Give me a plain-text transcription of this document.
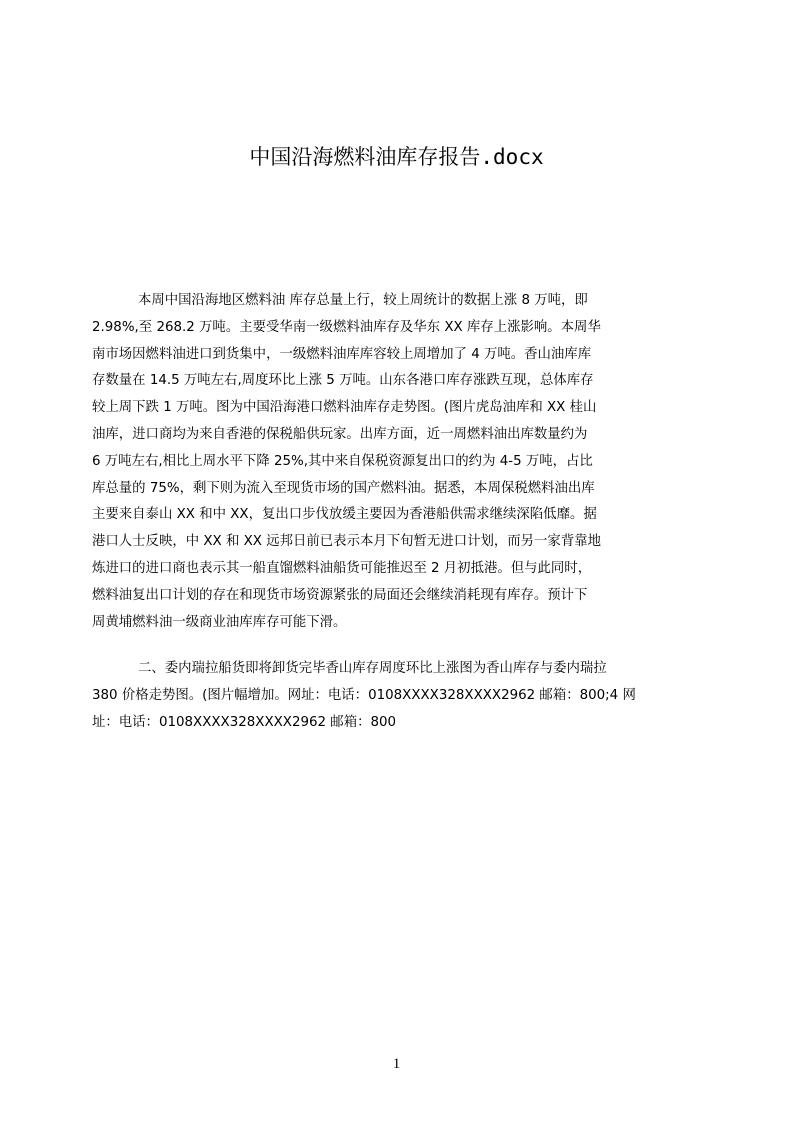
中国沿海燃料油库存报告.docx
本周中国沿海地区燃料油 库存总量上行，较上周统计的数据上涨 8 万吨，即
2.98%,至 268.2 万吨。主要受华南一级燃料油库存及华东 XX 库存上涨影响。本周华
南市场因燃料油进口到货集中，一级燃料油库库容较上周增加了 4 万吨。香山油库库
存数量在 14.5 万吨左右,周度环比上涨 5 万吨。山东各港口库存涨跌互现，总体库存
较上周下跌 1 万吨。图为中国沿海港口燃料油库存走势图。(图片虎岛油库和 XX 桂山
油库，进口商均为来自香港的保税船供玩家。出库方面，近一周燃料油出库数量约为
6 万吨左右,相比上周水平下降 25%,其中来自保税资源复出口的约为 4-5 万吨，占比
库总量的 75%，剩下则为流入至现货市场的国产燃料油。据悉，本周保税燃料油出库
主要来自泰山 XX 和中 XX，复出口步伐放缓主要因为香港船供需求继续深陷低靡。据
港口人士反映，中 XX 和 XX 远邦日前已表示本月下旬暂无进口计划，而另一家背靠地
炼进口的进口商也表示其一船直馏燃料油船货可能推迟至 2 月初抵港。但与此同时，
燃料油复出口计划的存在和现货市场资源紧张的局面还会继续消耗现有库存。预计下
周黄埔燃料油一级商业油库库存可能下滑。
二、委内瑞拉船货即将卸货完毕香山库存周度环比上涨图为香山库存与委内瑞拉
380 价格走势图。(图片幅增加。网址：电话：0108XXXX328XXXX2962 邮箱：800;4 网
址：电话：0108XXXX328XXXX2962 邮箱：800
1
